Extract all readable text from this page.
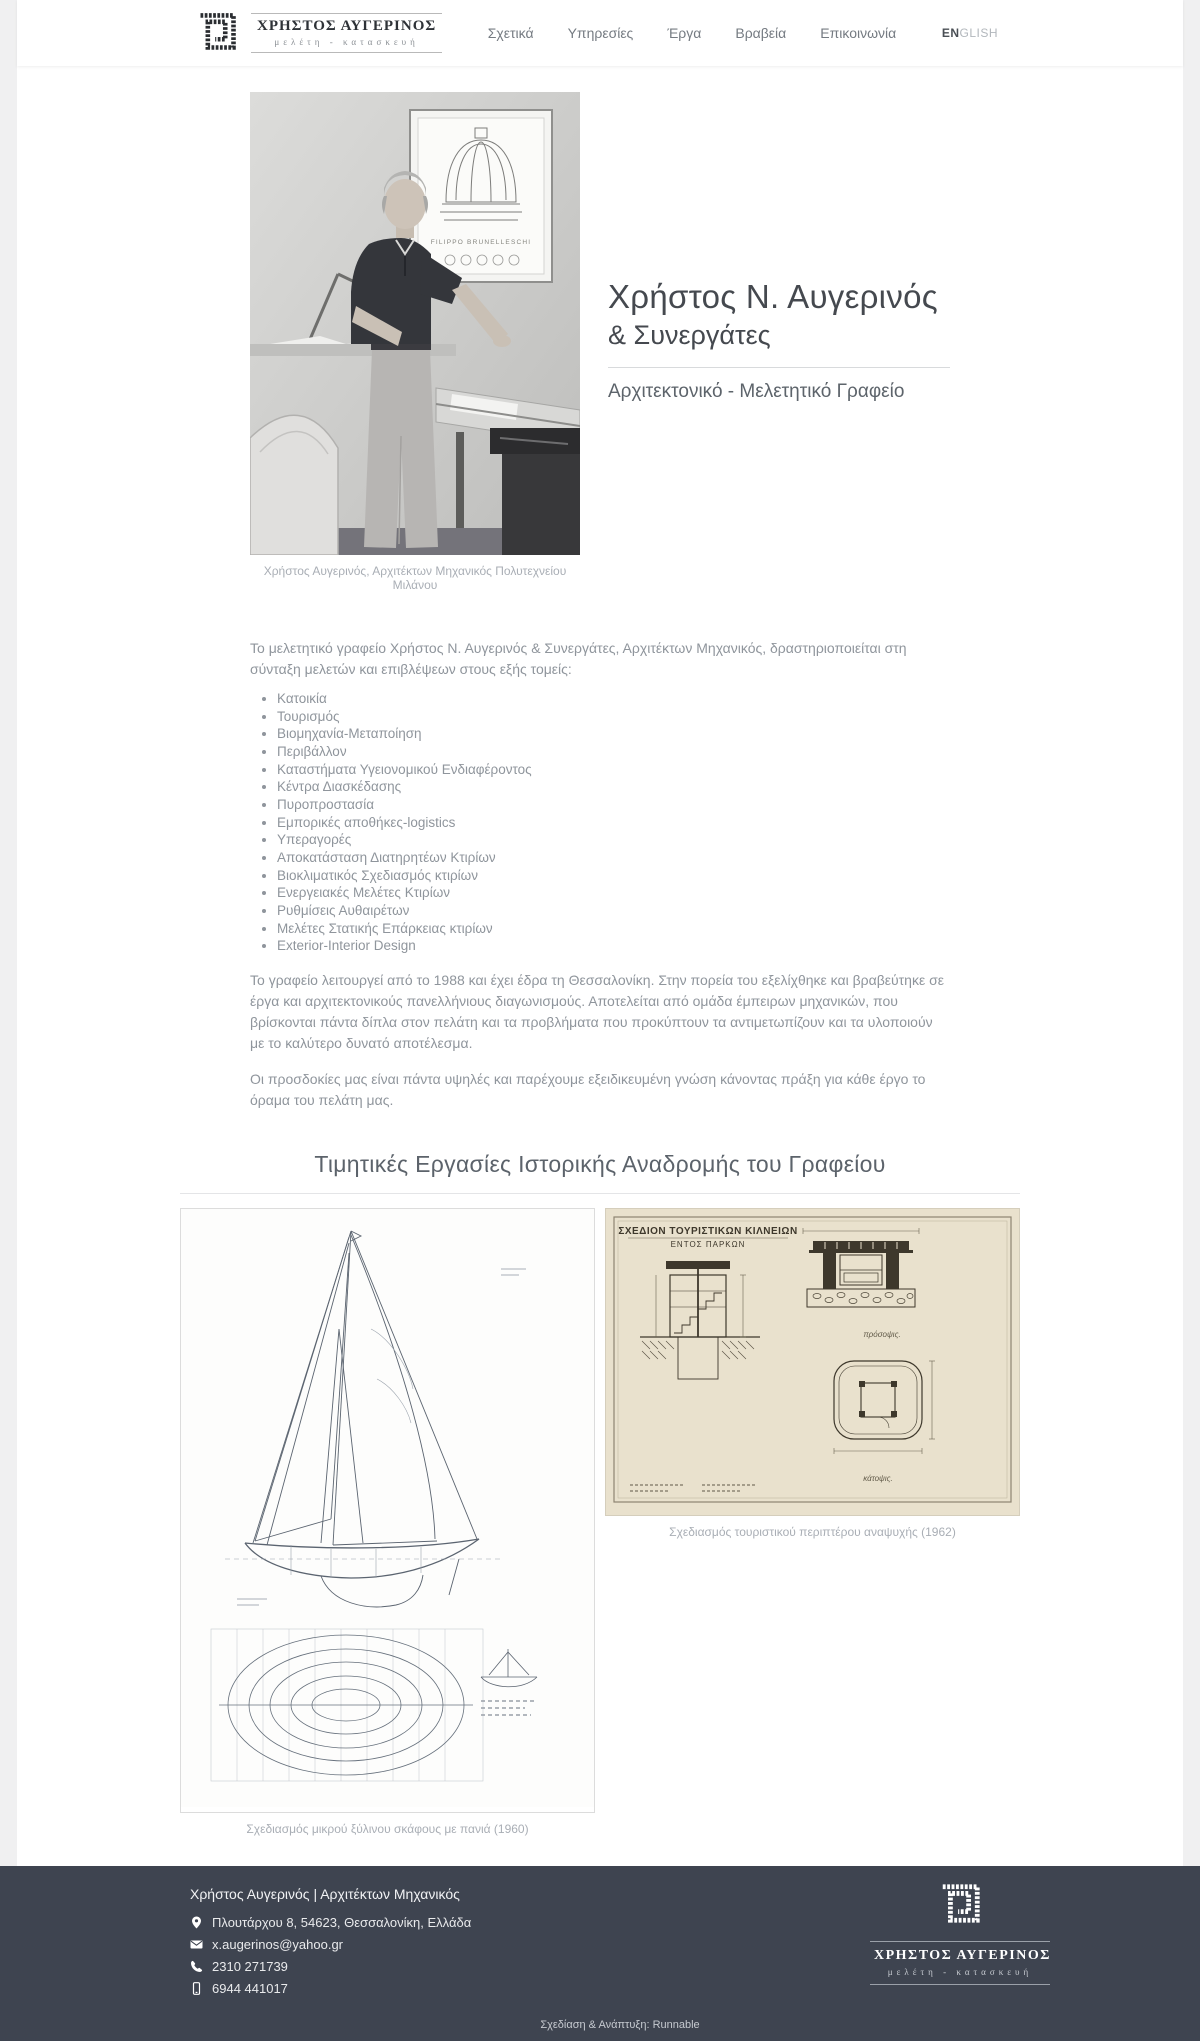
ΧΡΗΣΤΟΣ ΑΥΓΕΡΙΝΟΣ
μελέτη - κατασκευή
Σχετικά Υπηρεσίες Έργα Βραβεία Επικοινωνία	ENGLISH
FILIPPO BRUNELLESCHI
Χρήστος Αυγερινός, Αρχιτέκτων Μηχανικός Πολυτεχνείου Μιλάνου
Χρήστος Ν. Αυγερινός
& Συνεργάτες
Αρχιτεκτονικό - Μελετητικό Γραφείο

Το μελετητικό γραφείο Χρήστος Ν. Αυγερινός & Συνεργάτες, Αρχιτέκτων Μηχανικός, δραστηριοποιείται στη σύνταξη μελετών και επιβλέψεων στους εξής τομείς:

• Κατοικία
• Τουρισμός
• Βιομηχανία-Μεταποίηση
• Περιβάλλον
• Καταστήματα Υγειονομικού Ενδιαφέροντος
• Κέντρα Διασκέδασης
• Πυροπροστασία
• Εμπορικές αποθήκες-logistics
• Υπεραγορές
• Αποκατάσταση Διατηρητέων Κτιρίων
• Βιοκλιματικός Σχεδιασμός κτιρίων
• Ενεργειακές Μελέτες Κτιρίων
• Ρυθμίσεις Αυθαιρέτων
• Μελέτες Στατικής Επάρκειας κτιρίων
• Exterior-Interior Design

Το γραφείο λειτουργεί από το 1988 και έχει έδρα τη Θεσσαλονίκη. Στην πορεία του εξελίχθηκε και βραβεύτηκε σε έργα και αρχιτεκτονικούς πανελλήνιους διαγωνισμούς. Αποτελείται από ομάδα έμπειρων μηχανικών, που βρίσκονται πάντα δίπλα στον πελάτη και τα προβλήματα που προκύπτουν τα αντιμετωπίζουν και τα υλοποιούν με το καλύτερο δυνατό αποτέλεσμα.

Οι προσδοκίες μας είναι πάντα υψηλές και παρέχουμε εξειδικευμένη γνώση κάνοντας πράξη για κάθε έργο το όραμα του πελάτη μας.

Τιμητικές Εργασίες Ιστορικής Αναδρομής του Γραφείου
Σχεδιασμός μικρού ξύλινου σκάφους με πανιά (1960)
ΣΧΕΔΙΟΝ ΤΟΥΡΙΣΤΙΚΩΝ ΚΙΛΝΕΙΩΝ
ΕΝΤΟΣ ΠΑΡΚΩΝ
πρόσοψις.
κάτοψις.
Σχεδιασμός τουριστικού περιπτέρου αναψυχής (1962)
Χρήστος Αυγερινός | Αρχιτέκτων Μηχανικός
Πλουτάρχου 8, 54623, Θεσσαλονίκη, Ελλάδα
x.augerinos@yahoo.gr
2310 271739
6944 441017
ΧΡΗΣΤΟΣ ΑΥΓΕΡΙΝΟΣ
μελέτη - κατασκευή
Σχεδίαση & Ανάπτυξη: Runnable
